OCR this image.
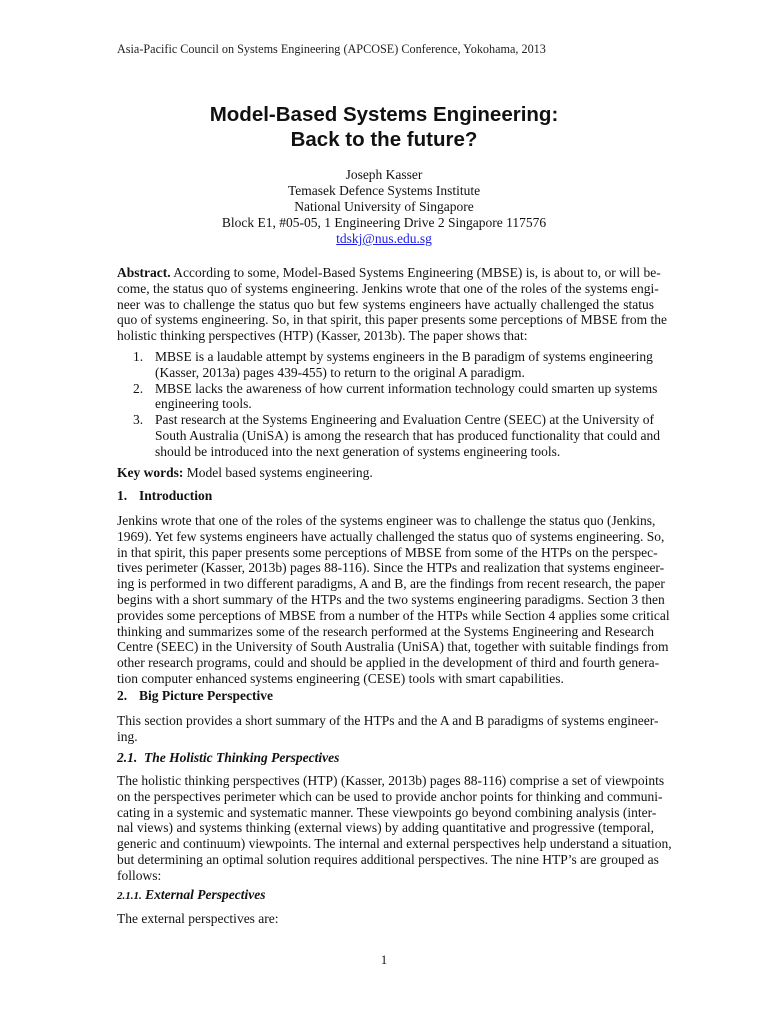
Asia-Pacific Council on Systems Engineering (APCOSE) Conference, Yokohama, 2013
Model-Based Systems Engineering:
Back to the future?
Joseph Kasser
Temasek Defence Systems Institute
National University of Singapore
Block E1, #05-05, 1 Engineering Drive 2 Singapore 117576
tdskj@nus.edu.sg
Abstract. According to some, Model-Based Systems Engineering (MBSE) is, is about to, or will be-
come, the status quo of systems engineering. Jenkins wrote that one of the roles of the systems engi-
neer was to challenge the status quo but few systems engineers have actually challenged the status
quo of systems engineering. So, in that spirit, this paper presents some perceptions of MBSE from the
holistic thinking perspectives (HTP) (Kasser, 2013b). The paper shows that:
1. MBSE is a laudable attempt by systems engineers in the B paradigm of systems engineering
(Kasser, 2013a) pages 439-455) to return to the original A paradigm.
2. MBSE lacks the awareness of how current information technology could smarten up systems
engineering tools.
3. Past research at the Systems Engineering and Evaluation Centre (SEEC) at the University of
South Australia (UniSA) is among the research that has produced functionality that could and
should be introduced into the next generation of systems engineering tools.
Key words: Model based systems engineering.
1. Introduction
Jenkins wrote that one of the roles of the systems engineer was to challenge the status quo (Jenkins,
1969). Yet few systems engineers have actually challenged the status quo of systems engineering. So,
in that spirit, this paper presents some perceptions of MBSE from some of the HTPs on the perspec-
tives perimeter (Kasser, 2013b) pages 88-116). Since the HTPs and realization that systems engineer-
ing is performed in two different paradigms, A and B, are the findings from recent research, the paper
begins with a short summary of the HTPs and the two systems engineering paradigms. Section 3 then
provides some perceptions of MBSE from a number of the HTPs while Section 4 applies some critical
thinking and summarizes some of the research performed at the Systems Engineering and Research
Centre (SEEC) in the University of South Australia (UniSA) that, together with suitable findings from
other research programs, could and should be applied in the development of third and fourth genera-
tion computer enhanced systems engineering (CESE) tools with smart capabilities.
2. Big Picture Perspective
This section provides a short summary of the HTPs and the A and B paradigms of systems engineer-
ing.
2.1. The Holistic Thinking Perspectives
The holistic thinking perspectives (HTP) (Kasser, 2013b) pages 88-116) comprise a set of viewpoints
on the perspectives perimeter which can be used to provide anchor points for thinking and communi-
cating in a systemic and systematic manner. These viewpoints go beyond combining analysis (inter-
nal views) and systems thinking (external views) by adding quantitative and progressive (temporal,
generic and continuum) viewpoints. The internal and external perspectives help understand a situation,
but determining an optimal solution requires additional perspectives. The nine HTP’s are grouped as
follows:
2.1.1. External Perspectives
The external perspectives are:
1
